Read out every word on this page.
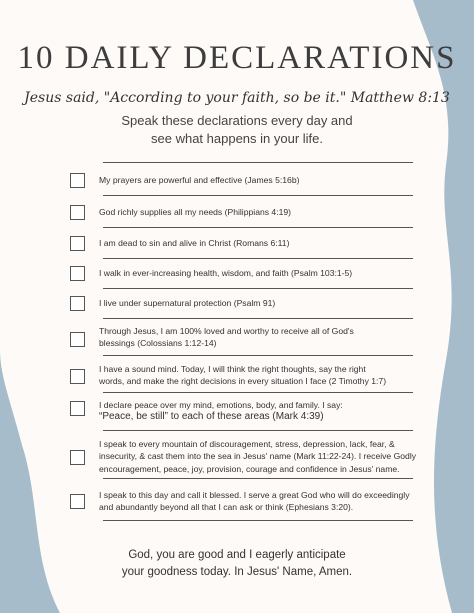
10 DAILY DECLARATIONS
Jesus said, "According to your faith, so be it." Matthew 8:13
Speak these declarations every day and
see what happens in your life.
My prayers are powerful and effective (James 5:16b)
God richly supplies all my needs (Philippians 4:19)
I am dead to sin and alive in Christ (Romans 6:11)
I walk in ever-increasing health, wisdom, and faith (Psalm 103:1-5)
I live under supernatural protection (Psalm 91)
Through Jesus, I am 100% loved and worthy to receive all of God's
blessings (Colossians 1:12-14)
I have a sound mind. Today, I will think the right thoughts, say the right
words, and make the right decisions in every situation I face (2 Timothy 1:7)
I declare peace over my mind, emotions, body, and family. I say:
“Peace, be still” to each of these areas (Mark 4:39)
I speak to every mountain of discouragement, stress, depression, lack, fear, &
insecurity, & cast them into the sea in Jesus' name (Mark 11:22-24). I receive Godly
encouragement, peace, joy, provision, courage and confidence in Jesus' name.
I speak to this day and call it blessed. I serve a great God who will do exceedingly
and abundantly beyond all that I can ask or think (Ephesians 3:20).
God, you are good and I eagerly anticipate
your goodness today. In Jesus' Name, Amen.
